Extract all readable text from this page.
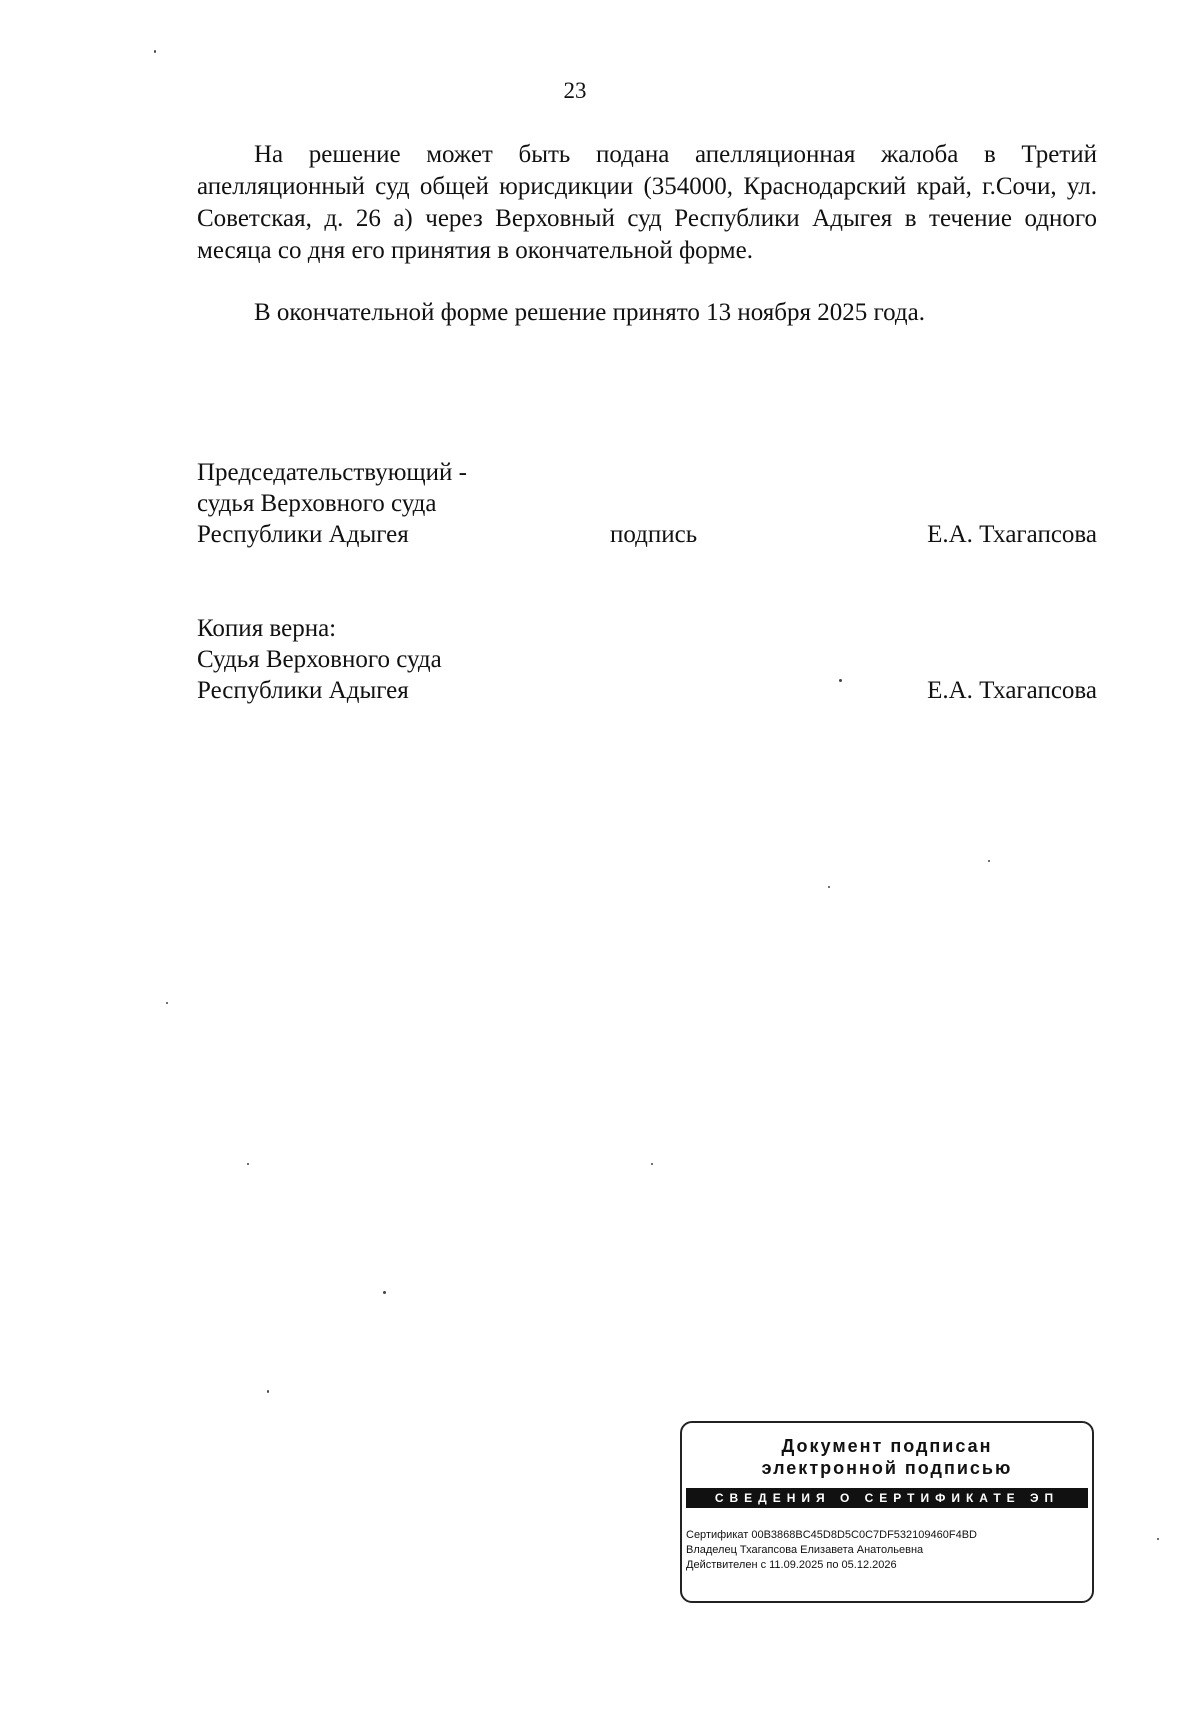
23

На решение может быть подана апелляционная жалоба в Третий апелляционный суд общей юрисдикции (354000, Краснодарский край, г.Сочи, ул. Советская, д. 26 а) через Верховный суд Республики Адыгея в течение одного месяца со дня его принятия в окончательной форме.

В окончательной форме решение принято 13 ноября 2025 года.

Председательствующий -
судья Верховного суда
Республики Адыгея	подпись	Е.А. Тхагапсова
Копия верна:
Судья Верховного суда
Республики Адыгея	Е.А. Тхагапсова
Документ подписан
электронной подписью
СВЕДЕНИЯ О СЕРТИФИКАТЕ ЭП
Сертификат 00B3868BC45D8D5C0C7DF532109460F4BD
Владелец Тхагапсова Елизавета Анатольевна
Действителен с 11.09.2025 по 05.12.2026
